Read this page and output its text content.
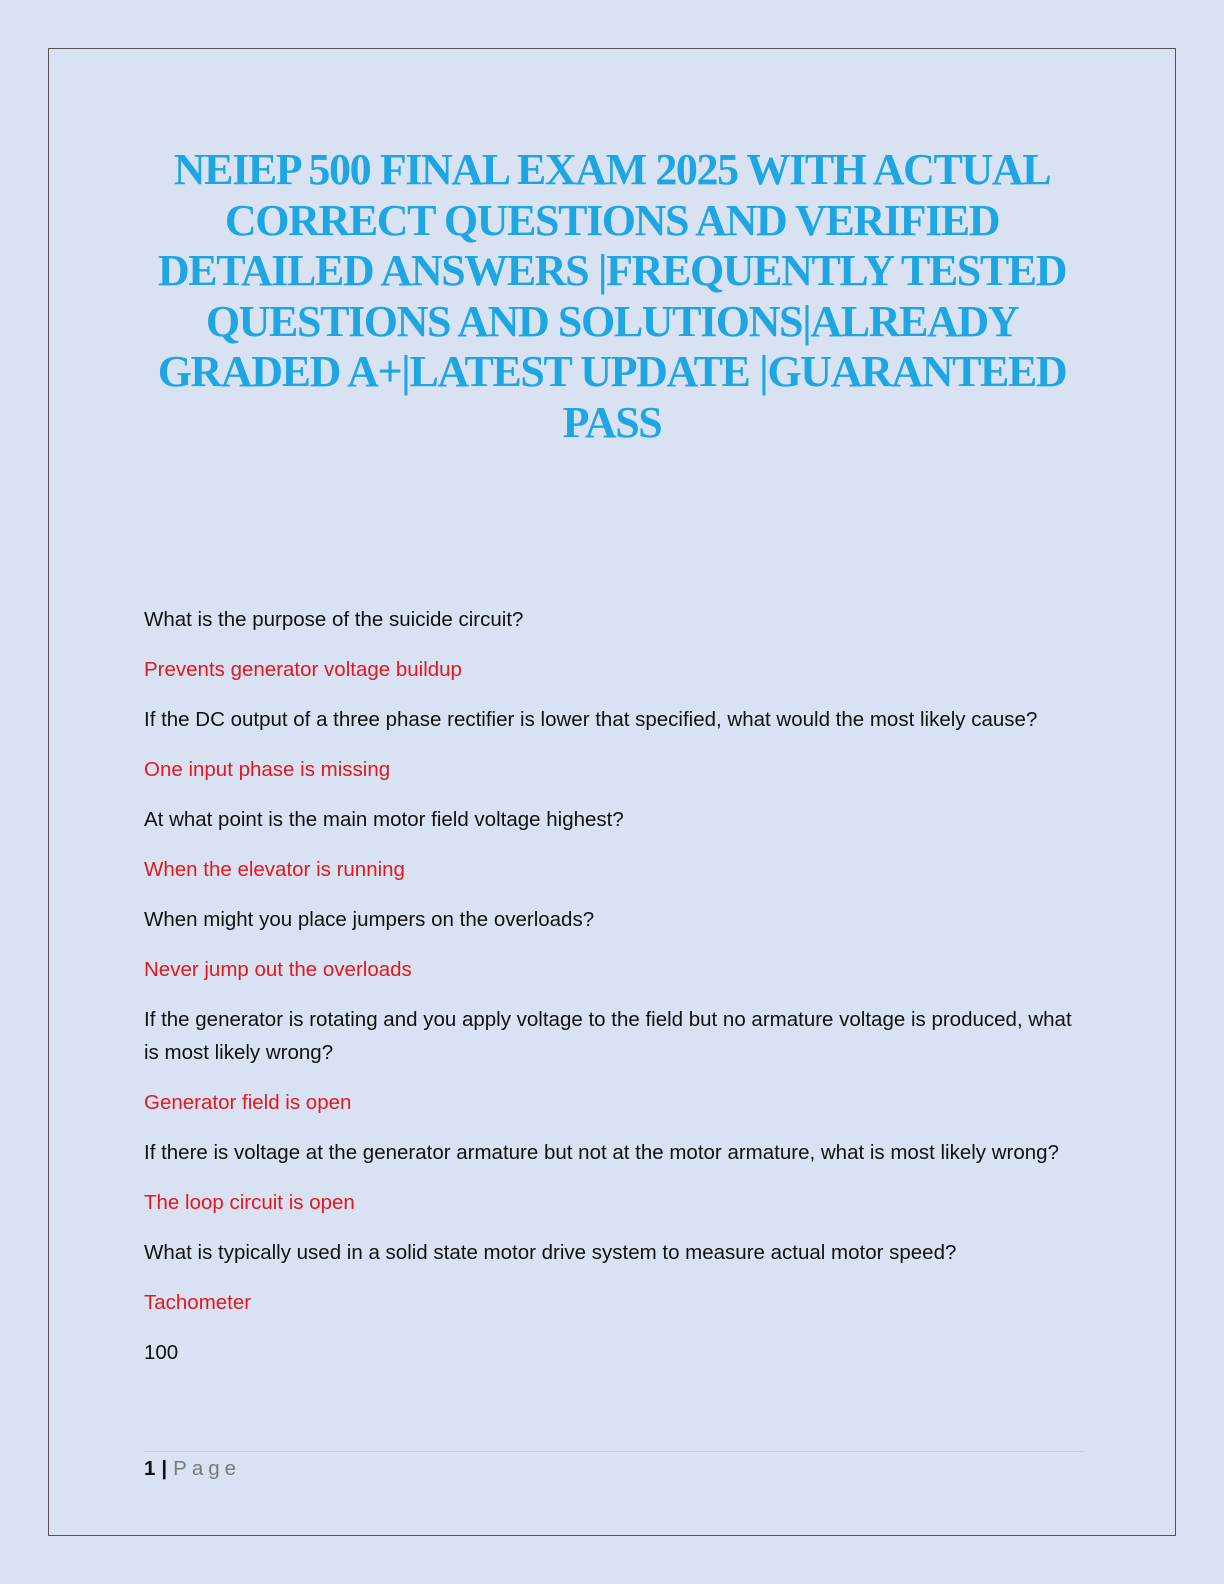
NEIEP 500 FINAL EXAM 2025 WITH ACTUAL CORRECT QUESTIONS AND VERIFIED DETAILED ANSWERS |FREQUENTLY TESTED QUESTIONS AND SOLUTIONS|ALREADY GRADED A+|LATEST UPDATE |GUARANTEED PASS

What is the purpose of the suicide circuit?

Prevents generator voltage buildup

If the DC output of a three phase rectifier is lower that specified, what would the most likely cause?

One input phase is missing

At what point is the main motor field voltage highest?

When the elevator is running

When might you place jumpers on the overloads?

Never jump out the overloads

If the generator is rotating and you apply voltage to the field but no armature voltage is produced, what is most likely wrong?

Generator field is open

If there is voltage at the generator armature but not at the motor armature, what is most likely wrong?

The loop circuit is open

What is typically used in a solid state motor drive system to measure actual motor speed?

Tachometer

100

1 | Page
